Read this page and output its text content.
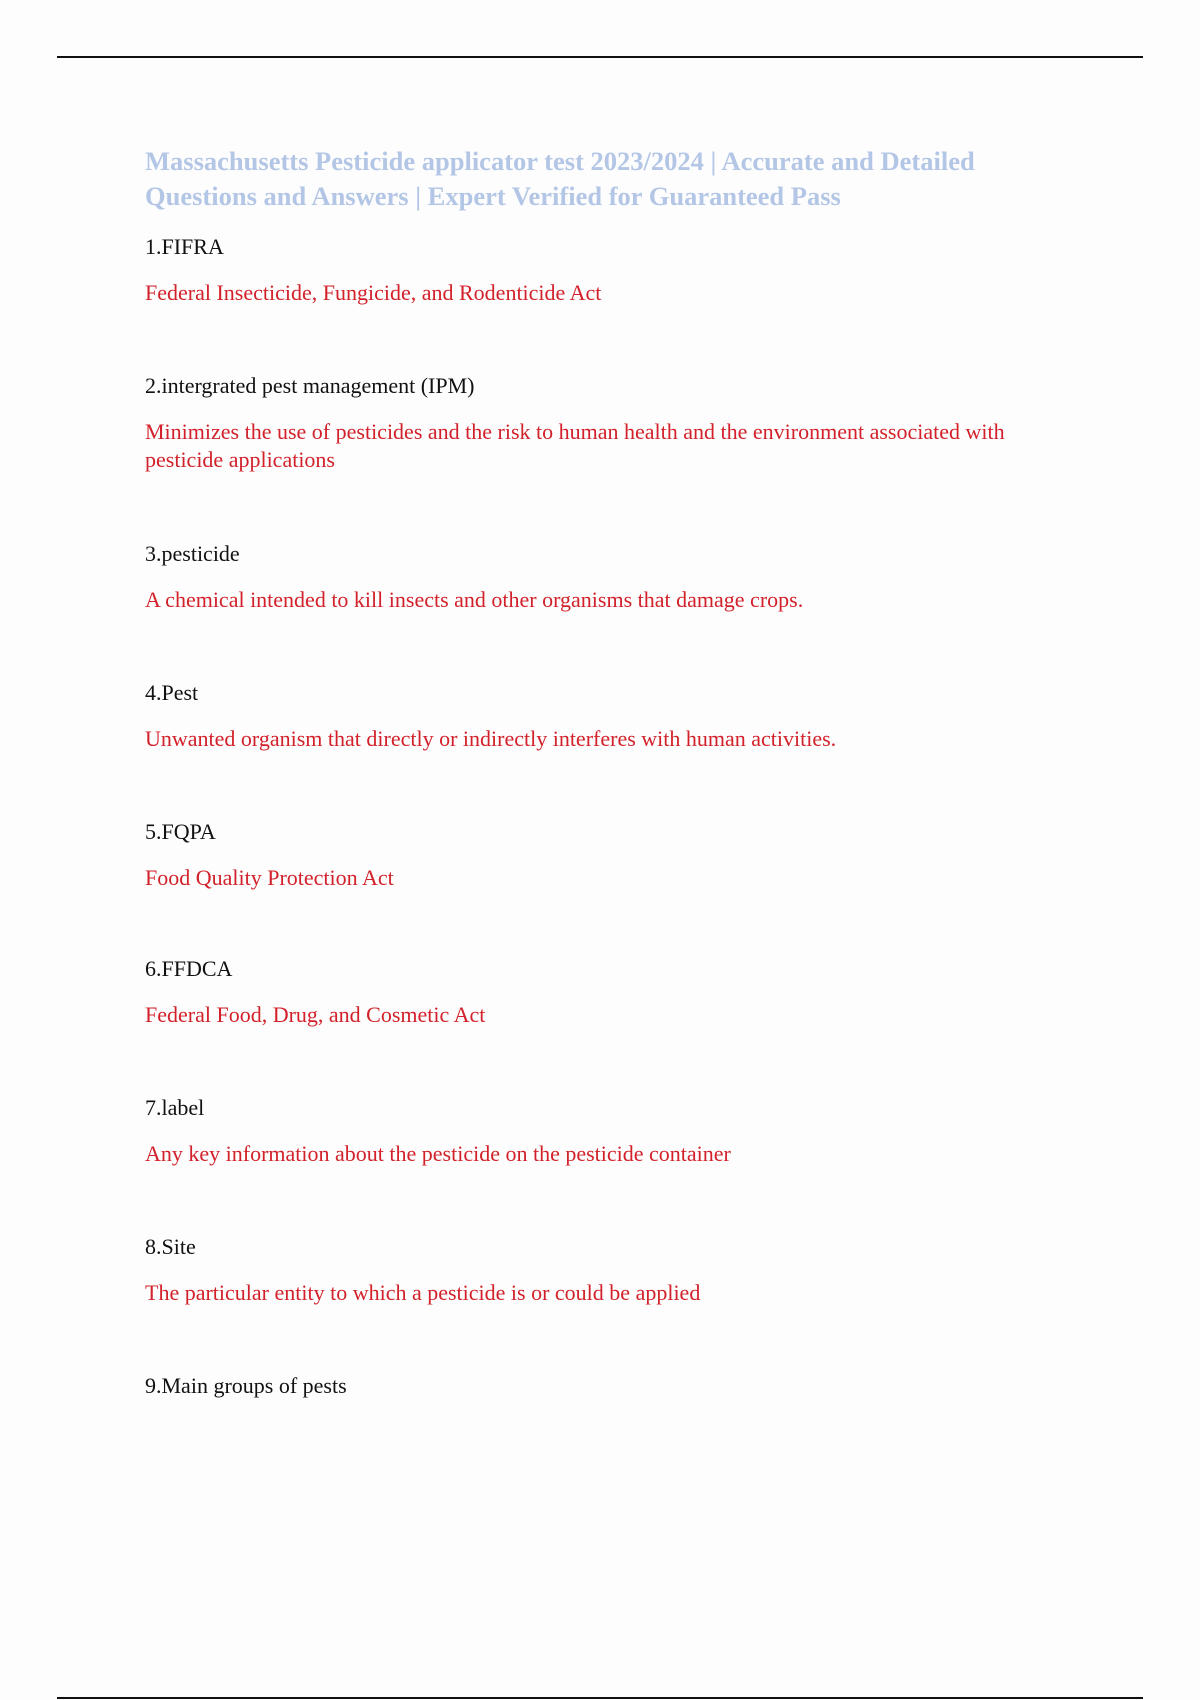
Massachusetts Pesticide applicator test 2023/2024 | Accurate and Detailed Questions and Answers | Expert Verified for Guaranteed Pass

1.FIFRA

Federal Insecticide, Fungicide, and Rodenticide Act

2.intergrated pest management (IPM)

Minimizes the use of pesticides and the risk to human health and the environment associated with pesticide applications

3.pesticide

A chemical intended to kill insects and other organisms that damage crops.

4.Pest

Unwanted organism that directly or indirectly interferes with human activities.

5.FQPA

Food Quality Protection Act

6.FFDCA

Federal Food, Drug, and Cosmetic Act

7.label

Any key information about the pesticide on the pesticide container

8.Site

The particular entity to which a pesticide is or could be applied

9.Main groups of pests
